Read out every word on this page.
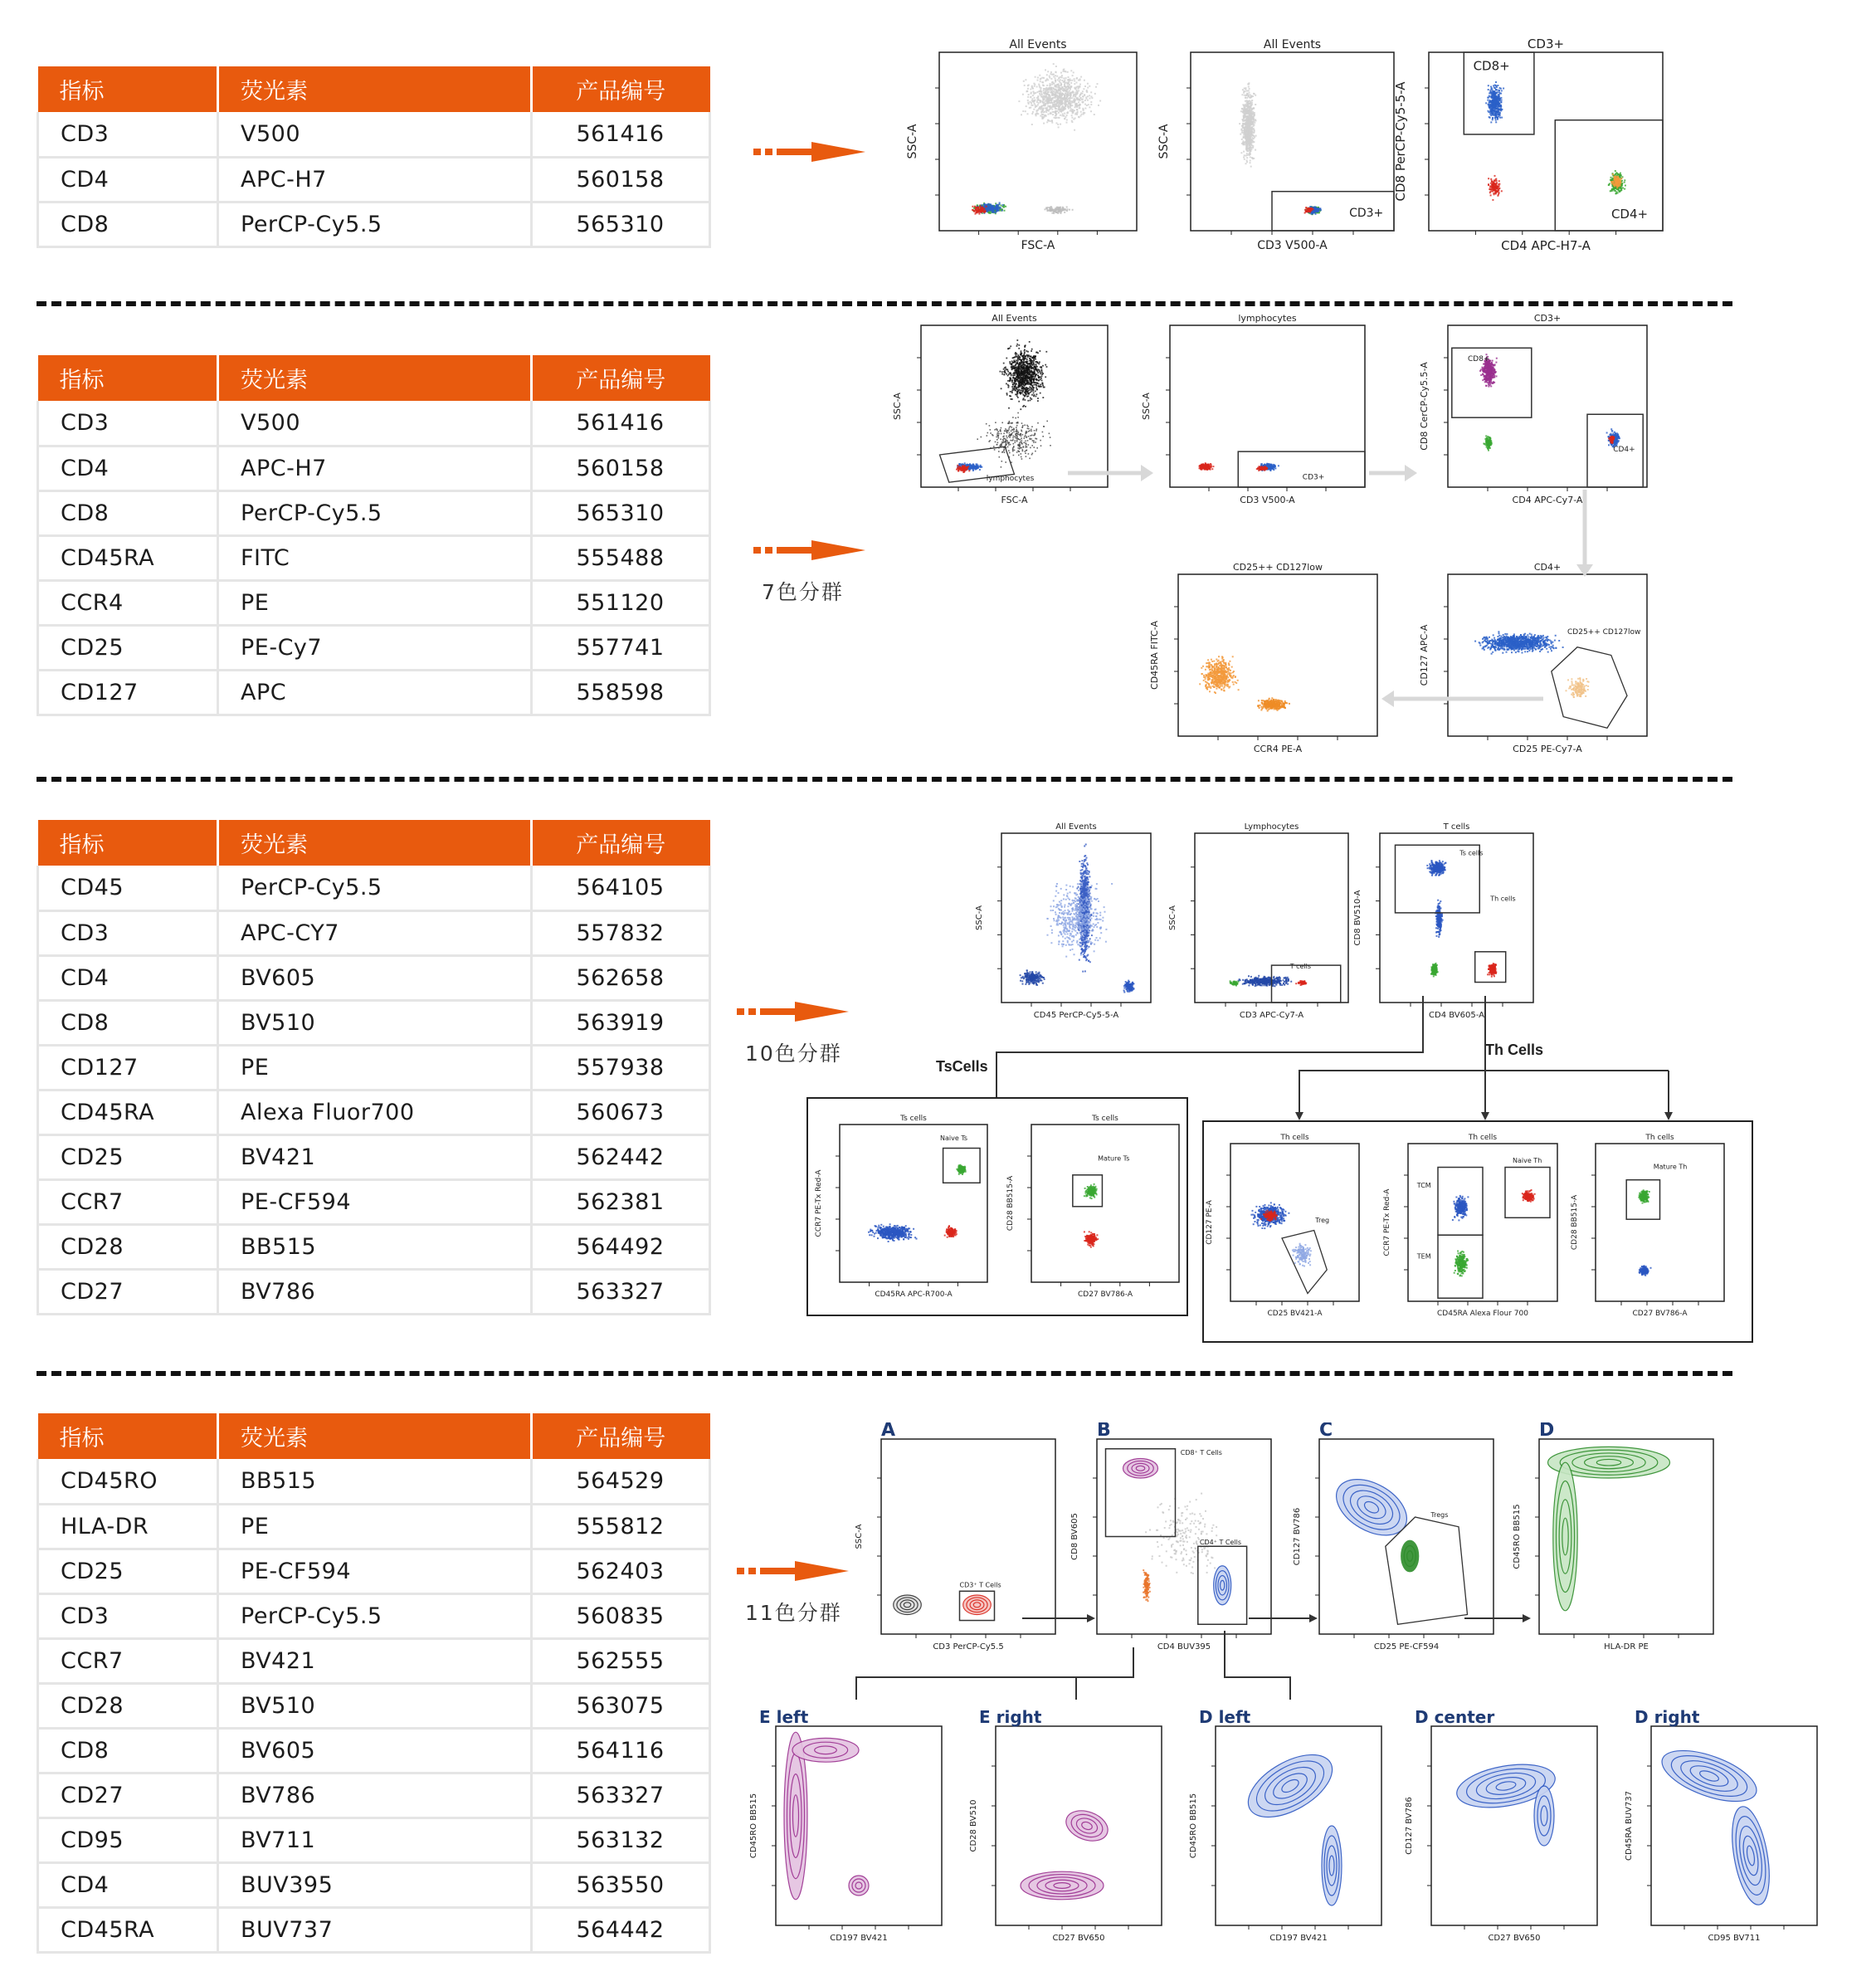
指标	荧光素	产品编号
CD3	V500	561416
CD4	APC-H7	560158
CD8	PerCP-Cy5.5	565310
指标	荧光素	产品编号
CD3	V500	561416
CD4	APC-H7	560158
CD8	PerCP-Cy5.5	565310
CD45RA	FITC	555488
CCR4	PE	551120
CD25	PE-Cy7	557741
CD127	APC	558598
指标	荧光素	产品编号
CD45	PerCP-Cy5.5	564105
CD3	APC-CY7	557832
CD4	BV605	562658
CD8	BV510	563919
CD127	PE	557938
CD45RA	Alexa Fluor700	560673
CD25	BV421	562442
CCR7	PE-CF594	562381
CD28	BB515	564492
CD27	BV786	563327
指标	荧光素	产品编号
CD45RO	BB515	564529
HLA-DR	PE	555812
CD25	PE-CF594	562403
CD3	PerCP-Cy5.5	560835
CCR7	BV421	562555
CD28	BV510	563075
CD8	BV605	564116
CD27	BV786	563327
CD95	BV711	563132
CD4	BUV395	563550
CD45RA	BUV737	564442
7色分群
10色分群
11色分群
All Events
FSC-A
SSC-A
CD3+
All Events
CD3 V500-A
SSC-A
CD8+
CD4+
CD3+
CD4 APC-H7-A
CD8 PerCP-Cy5-5-A
lymphocytes
All Events
FSC-A
SSC-A
CD3+
lymphocytes
CD3 V500-A
SSC-A
CD8+
CD4+
CD3+
CD4 APC-Cy7-A
CD8 CerCP-Cy5.5-A
CD25++ CD127low
CCR4 PE-A
CD45RA FITC-A	CD25++ CD127low
CD4+
CD25 PE-Cy7-A
CD127 APC-A
All Events
CD45 PerCP-Cy5-5-A
SSC-A
T cells
Lymphocytes
CD3 APC-Cy7-A
SSC-A
Ts cells
Th cells
T cells
CD4 BV605-A
CD8 BV510-A
Naive Ts
Ts cells
CD45RA APC-R700-A
CCR7 PE-Tx Red-A
Mature Ts
Ts cells
CD27 BV786-A
CD28 BB515-A	Treg
Th cells
CD25 BV421-A
CD127 PE-A
TCM
TEM
Naive Th
Th cells
CD45RA Alexa Flour 700
CCR7 PE-Tx Red-A
Mature Th
Th cells
CD27 BV786-A
CD28 BB515-A
CD3⁺ T Cells
A
CD3 PerCP-Cy5.5
SSC-A
CD8⁺ T Cells
CD4⁺ T Cells
B
CD4 BUV395
CD8 BV605	Tregs
C
CD25 PE-CF594
CD127 BV786
D
HLA-DR PE
CD45RO BB515
E left
CD197 BV421
CD45RO BB515
E right
CD27 BV650
CD28 BV510
D left
CD197 BV421
CD45RO BB515
D center
CD27 BV650
CD127 BV786
D right
CD95 BV711
CD45RA BUV737
TsCells
Th Cells
